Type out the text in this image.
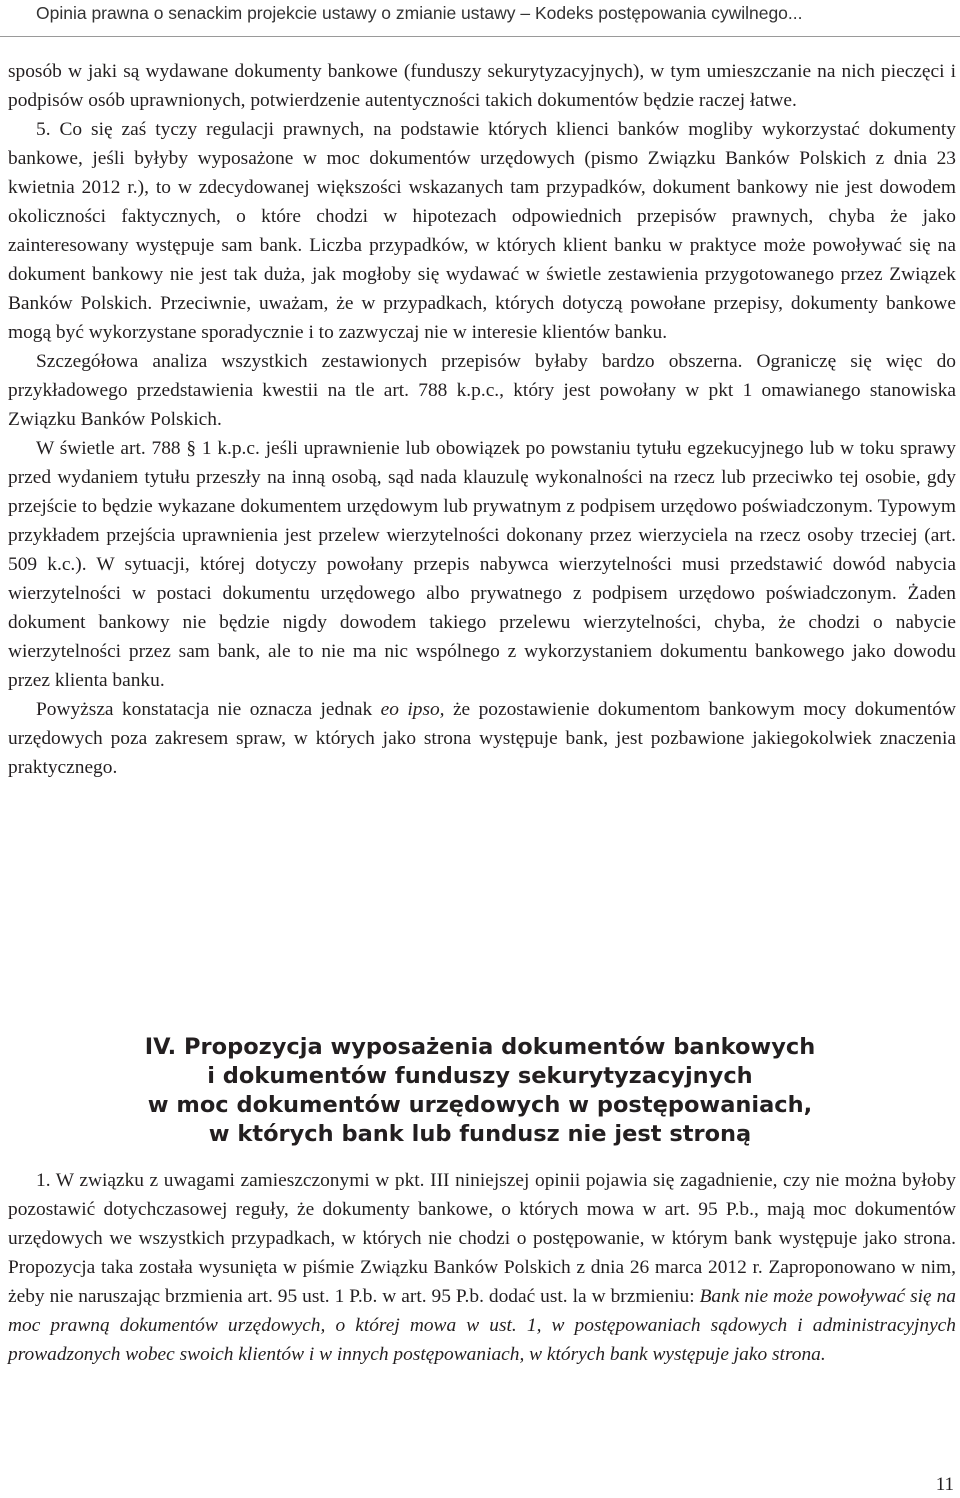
Opinia prawna o senackim projekcie ustawy o zmianie ustawy – Kodeks postępowania cywilnego...

sposób w jaki są wydawane dokumenty bankowe (funduszy sekurytyzacyjnych), w tym umieszczanie na nich pieczęci i podpisów osób uprawnionych, potwierdzenie autentyczności takich dokumentów będzie raczej łatwe.

5. Co się zaś tyczy regulacji prawnych, na podstawie których klienci banków mogliby wykorzystać dokumenty bankowe, jeśli byłyby wyposażone w moc dokumentów urzędowych (pismo Związku Banków Polskich z dnia 23 kwietnia 2012 r.), to w zdecydowanej większości wskazanych tam przypadków, dokument bankowy nie jest dowodem okoliczności faktycznych, o które chodzi w hipotezach odpowiednich przepisów prawnych, chyba że jako zainteresowany występuje sam bank. Liczba przypadków, w których klient banku w praktyce może powoływać się na dokument bankowy nie jest tak duża, jak mogłoby się wydawać w świetle zestawienia przygotowanego przez Związek Banków Polskich. Przeciwnie, uważam, że w przypadkach, których dotyczą powołane przepisy, dokumenty bankowe mogą być wykorzystane sporadycznie i to zazwyczaj nie w interesie klientów banku.

Szczegółowa analiza wszystkich zestawionych przepisów byłaby bardzo obszerna. Ograniczę się więc do przykładowego przedstawienia kwestii na tle art. 788 k.p.c., który jest powołany w pkt 1 omawianego stanowiska Związku Banków Polskich.

W świetle art. 788 § 1 k.p.c. jeśli uprawnienie lub obowiązek po powstaniu tytułu egzekucyjnego lub w toku sprawy przed wydaniem tytułu przeszły na inną osobą, sąd nada klauzulę wykonalności na rzecz lub przeciwko tej osobie, gdy przejście to będzie wykazane dokumentem urzędowym lub prywatnym z podpisem urzędowo poświadczonym. Typowym przykładem przejścia uprawnienia jest przelew wierzytelności dokonany przez wierzyciela na rzecz osoby trzeciej (art. 509 k.c.). W sytuacji, której dotyczy powołany przepis nabywca wierzytelności musi przedstawić dowód nabycia wierzytelności w postaci dokumentu urzędowego albo prywatnego z podpisem urzędowo poświadczonym. Żaden dokument bankowy nie będzie nigdy dowodem takiego przelewu wierzytelności, chyba, że chodzi o nabycie wierzytelności przez sam bank, ale to nie ma nic wspólnego z wykorzystaniem dokumentu bankowego jako dowodu przez klienta banku.

Powyższa konstatacja nie oznacza jednak eo ipso, że pozostawienie dokumentom bankowym mocy dokumentów urzędowych poza zakresem spraw, w których jako strona występuje bank, jest pozbawione jakiegokolwiek znaczenia praktycznego.

IV. Propozycja wyposażenia dokumentów bankowych
i dokumentów funduszy sekurytyzacyjnych
w moc dokumentów urzędowych w postępowaniach,
w których bank lub fundusz nie jest stroną

1. W związku z uwagami zamieszczonymi w pkt. III niniejszej opinii pojawia się zagadnienie, czy nie można byłoby pozostawić dotychczasowej reguły, że dokumenty bankowe, o których mowa w art. 95 P.b., mają moc dokumentów urzędowych we wszystkich przypadkach, w których nie chodzi o postępowanie, w którym bank występuje jako strona. Propozycja taka została wysunięta w piśmie Związku Banków Polskich z dnia 26 marca 2012 r. Zaproponowano w nim, żeby nie naruszając brzmienia art. 95 ust. 1 P.b. w art. 95 P.b. dodać ust. la w brzmieniu: Bank nie może powoływać się na moc prawną dokumentów urzędowych, o której mowa w ust. 1, w postępowaniach sądowych i administracyjnych prowadzonych wobec swoich klientów i w innych postępowaniach, w których bank występuje jako strona.

11
